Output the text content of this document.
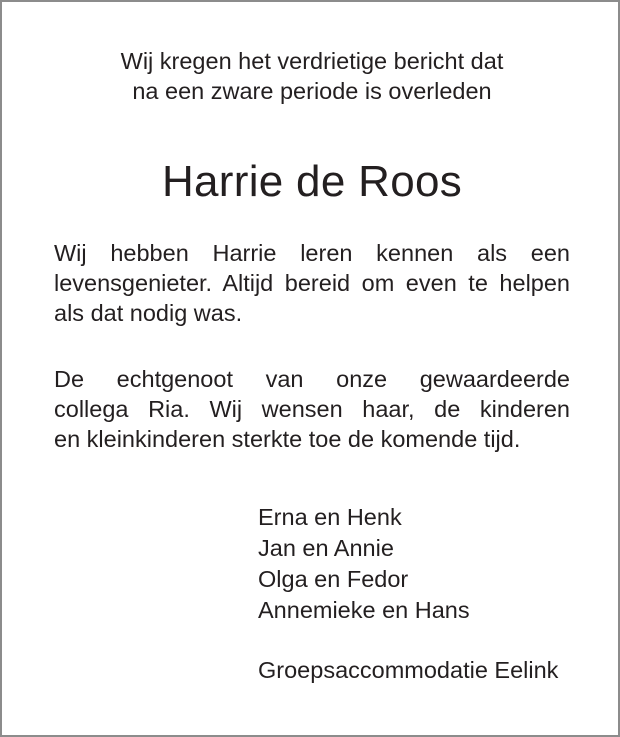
Wij kregen het verdrietige bericht dat
na een zware periode is overleden
Harrie de Roos
Wij hebben Harrie leren kennen als een
levensgenieter. Altijd bereid om even te helpen
als dat nodig was.
De echtgenoot van onze gewaardeerde
collega Ria. Wij wensen haar, de kinderen
en kleinkinderen sterkte toe de komende tijd.
Erna en Henk
Jan en Annie
Olga en Fedor
Annemieke en Hans
Groepsaccommodatie Eelink
